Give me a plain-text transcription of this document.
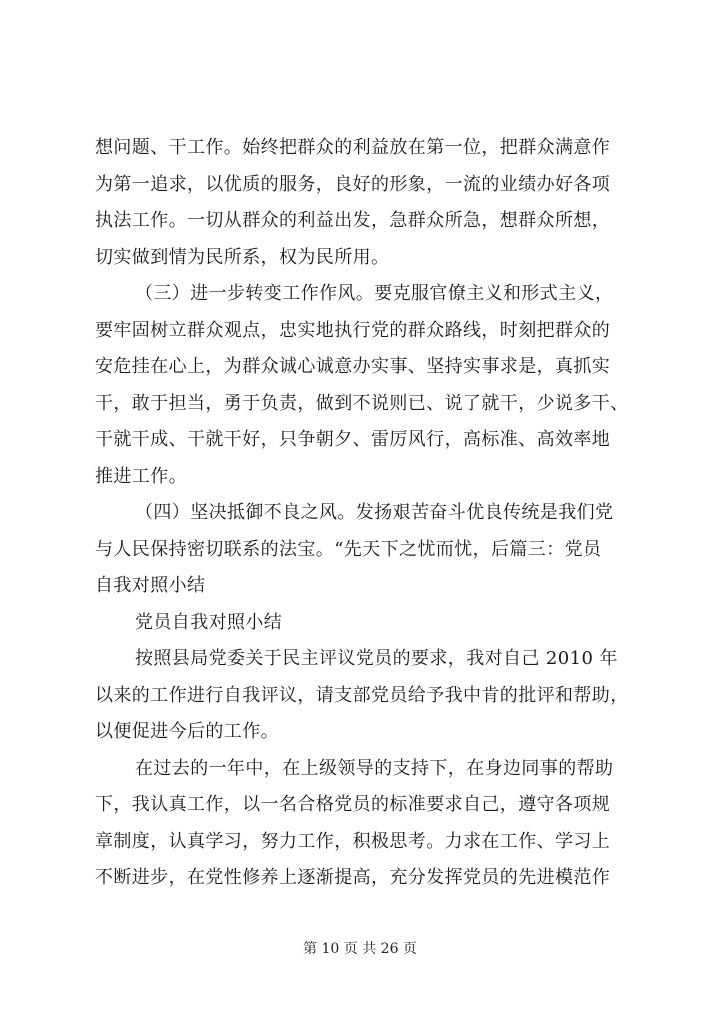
想问题、干工作。始终把群众的利益放在第一位，把群众满意作
为第一追求，以优质的服务，良好的形象，一流的业绩办好各项
执法工作。一切从群众的利益出发，急群众所急，想群众所想，
切实做到情为民所系，权为民所用。
（三）进一步转变工作作风。要克服官僚主义和形式主义，
要牢固树立群众观点，忠实地执行党的群众路线，时刻把群众的
安危挂在心上，为群众诚心诚意办实事、坚持实事求是，真抓实
干，敢于担当，勇于负责，做到不说则已、说了就干，少说多干、
干就干成、干就干好，只争朝夕、雷厉风行，高标准、高效率地
推进工作。
（四）坚决抵御不良之风。发扬艰苦奋斗优良传统是我们党
与人民保持密切联系的法宝。“先天下之忧而忧，后篇三：党员
自我对照小结
党员自我对照小结
按照县局党委关于民主评议党员的要求，我对自己 2010 年
以来的工作进行自我评议，请支部党员给予我中肯的批评和帮助，
以便促进今后的工作。
在过去的一年中，在上级领导的支持下，在身边同事的帮助
下，我认真工作，以一名合格党员的标准要求自己，遵守各项规
章制度，认真学习，努力工作，积极思考。力求在工作、学习上
不断进步，在党性修养上逐渐提高，充分发挥党员的先进模范作
第 10 页 共 26 页
